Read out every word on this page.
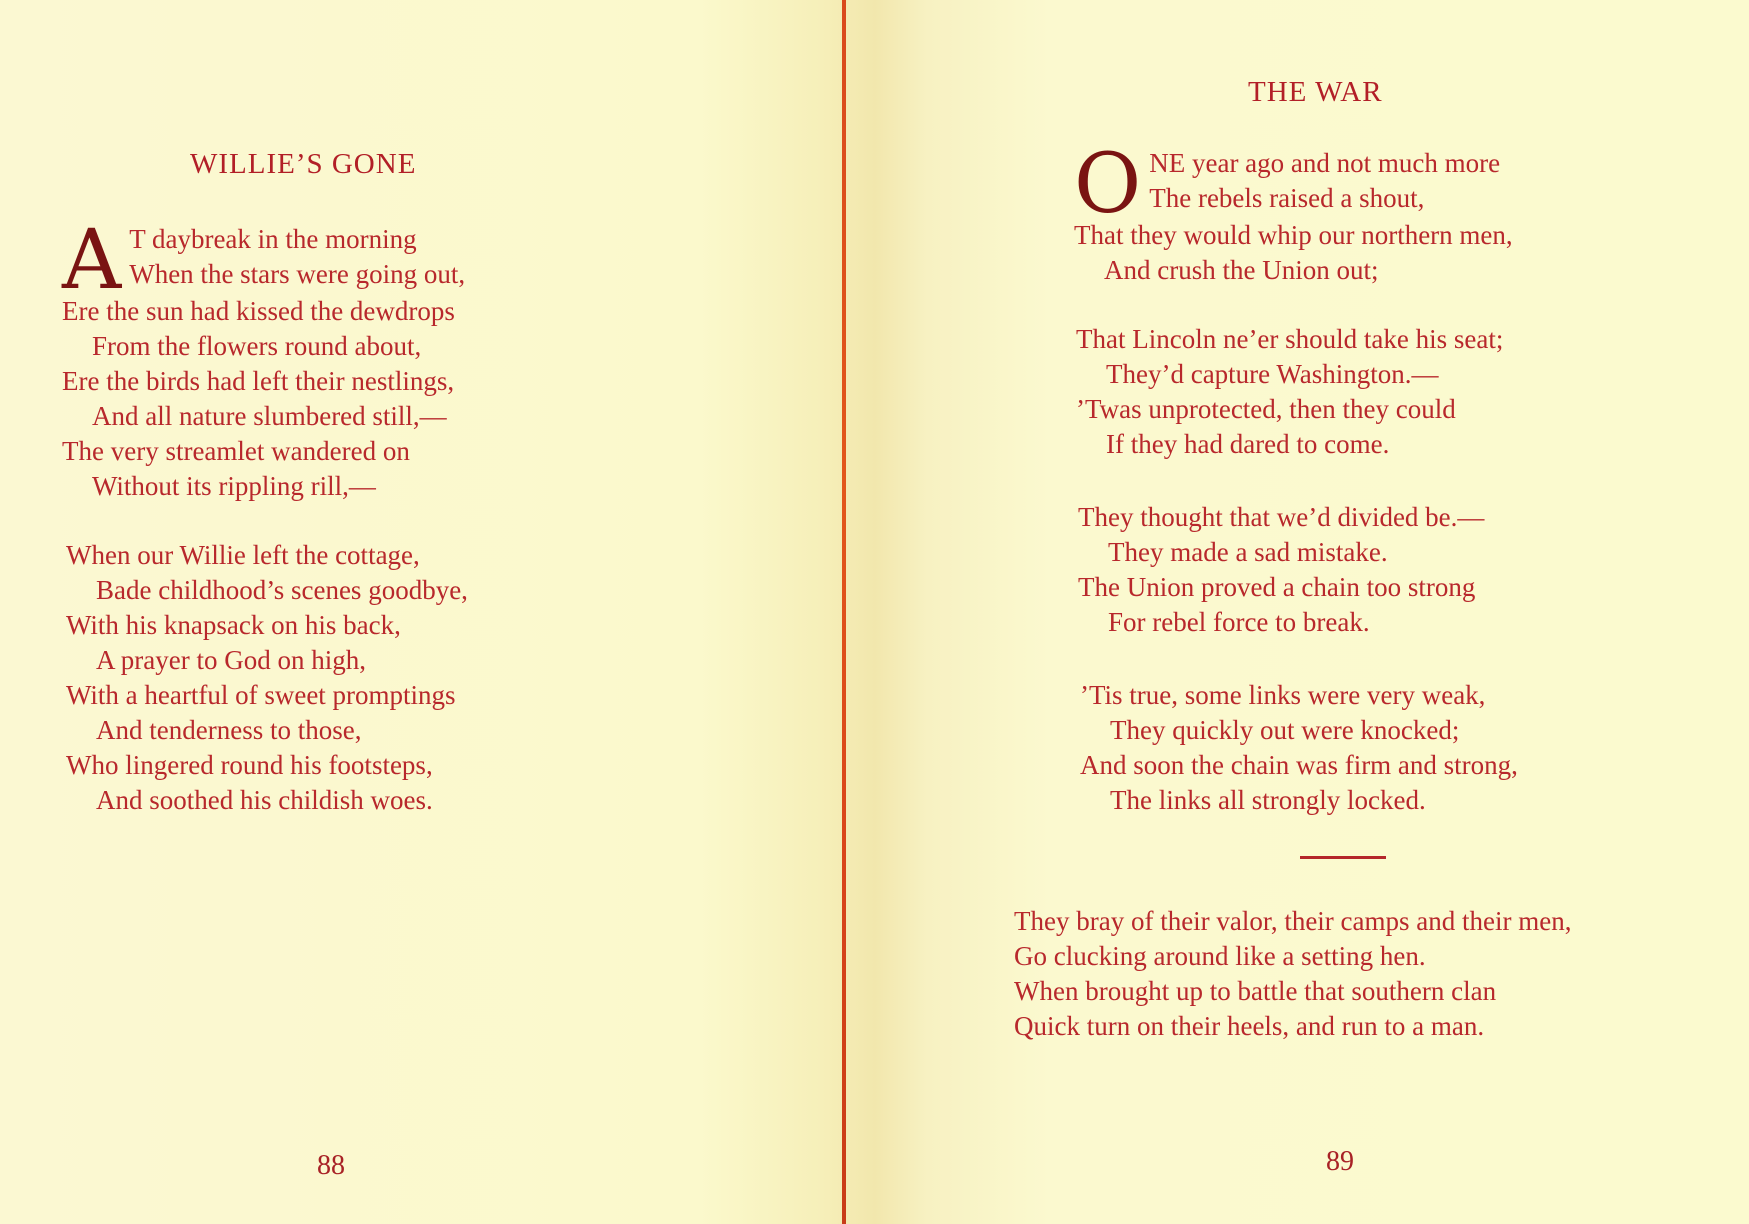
WILLIE’S GONE
A T daybreak in the morning
When the stars were going out,
Ere the sun had kissed the dewdrops
From the flowers round about,
Ere the birds had left their nestlings,
And all nature slumbered still,—
The very streamlet wandered on
Without its rippling rill,—
When our Willie left the cottage,
Bade childhood’s scenes goodbye,
With his knapsack on his back,
A prayer to God on high,
With a heartful of sweet promptings
And tenderness to those,
Who lingered round his footsteps,
And soothed his childish woes.
88
THE WAR
O NE year ago and not much more
The rebels raised a shout,
That they would whip our northern men,
And crush the Union out;
That Lincoln ne’er should take his seat;
They’d capture Washington.—
’Twas unprotected, then they could
If they had dared to come.
They thought that we’d divided be.—
They made a sad mistake.
The Union proved a chain too strong
For rebel force to break.
’Tis true, some links were very weak,
They quickly out were knocked;
And soon the chain was firm and strong,
The links all strongly locked.
They bray of their valor, their camps and their men,
Go clucking around like a setting hen.
When brought up to battle that southern clan
Quick turn on their heels, and run to a man.
89
